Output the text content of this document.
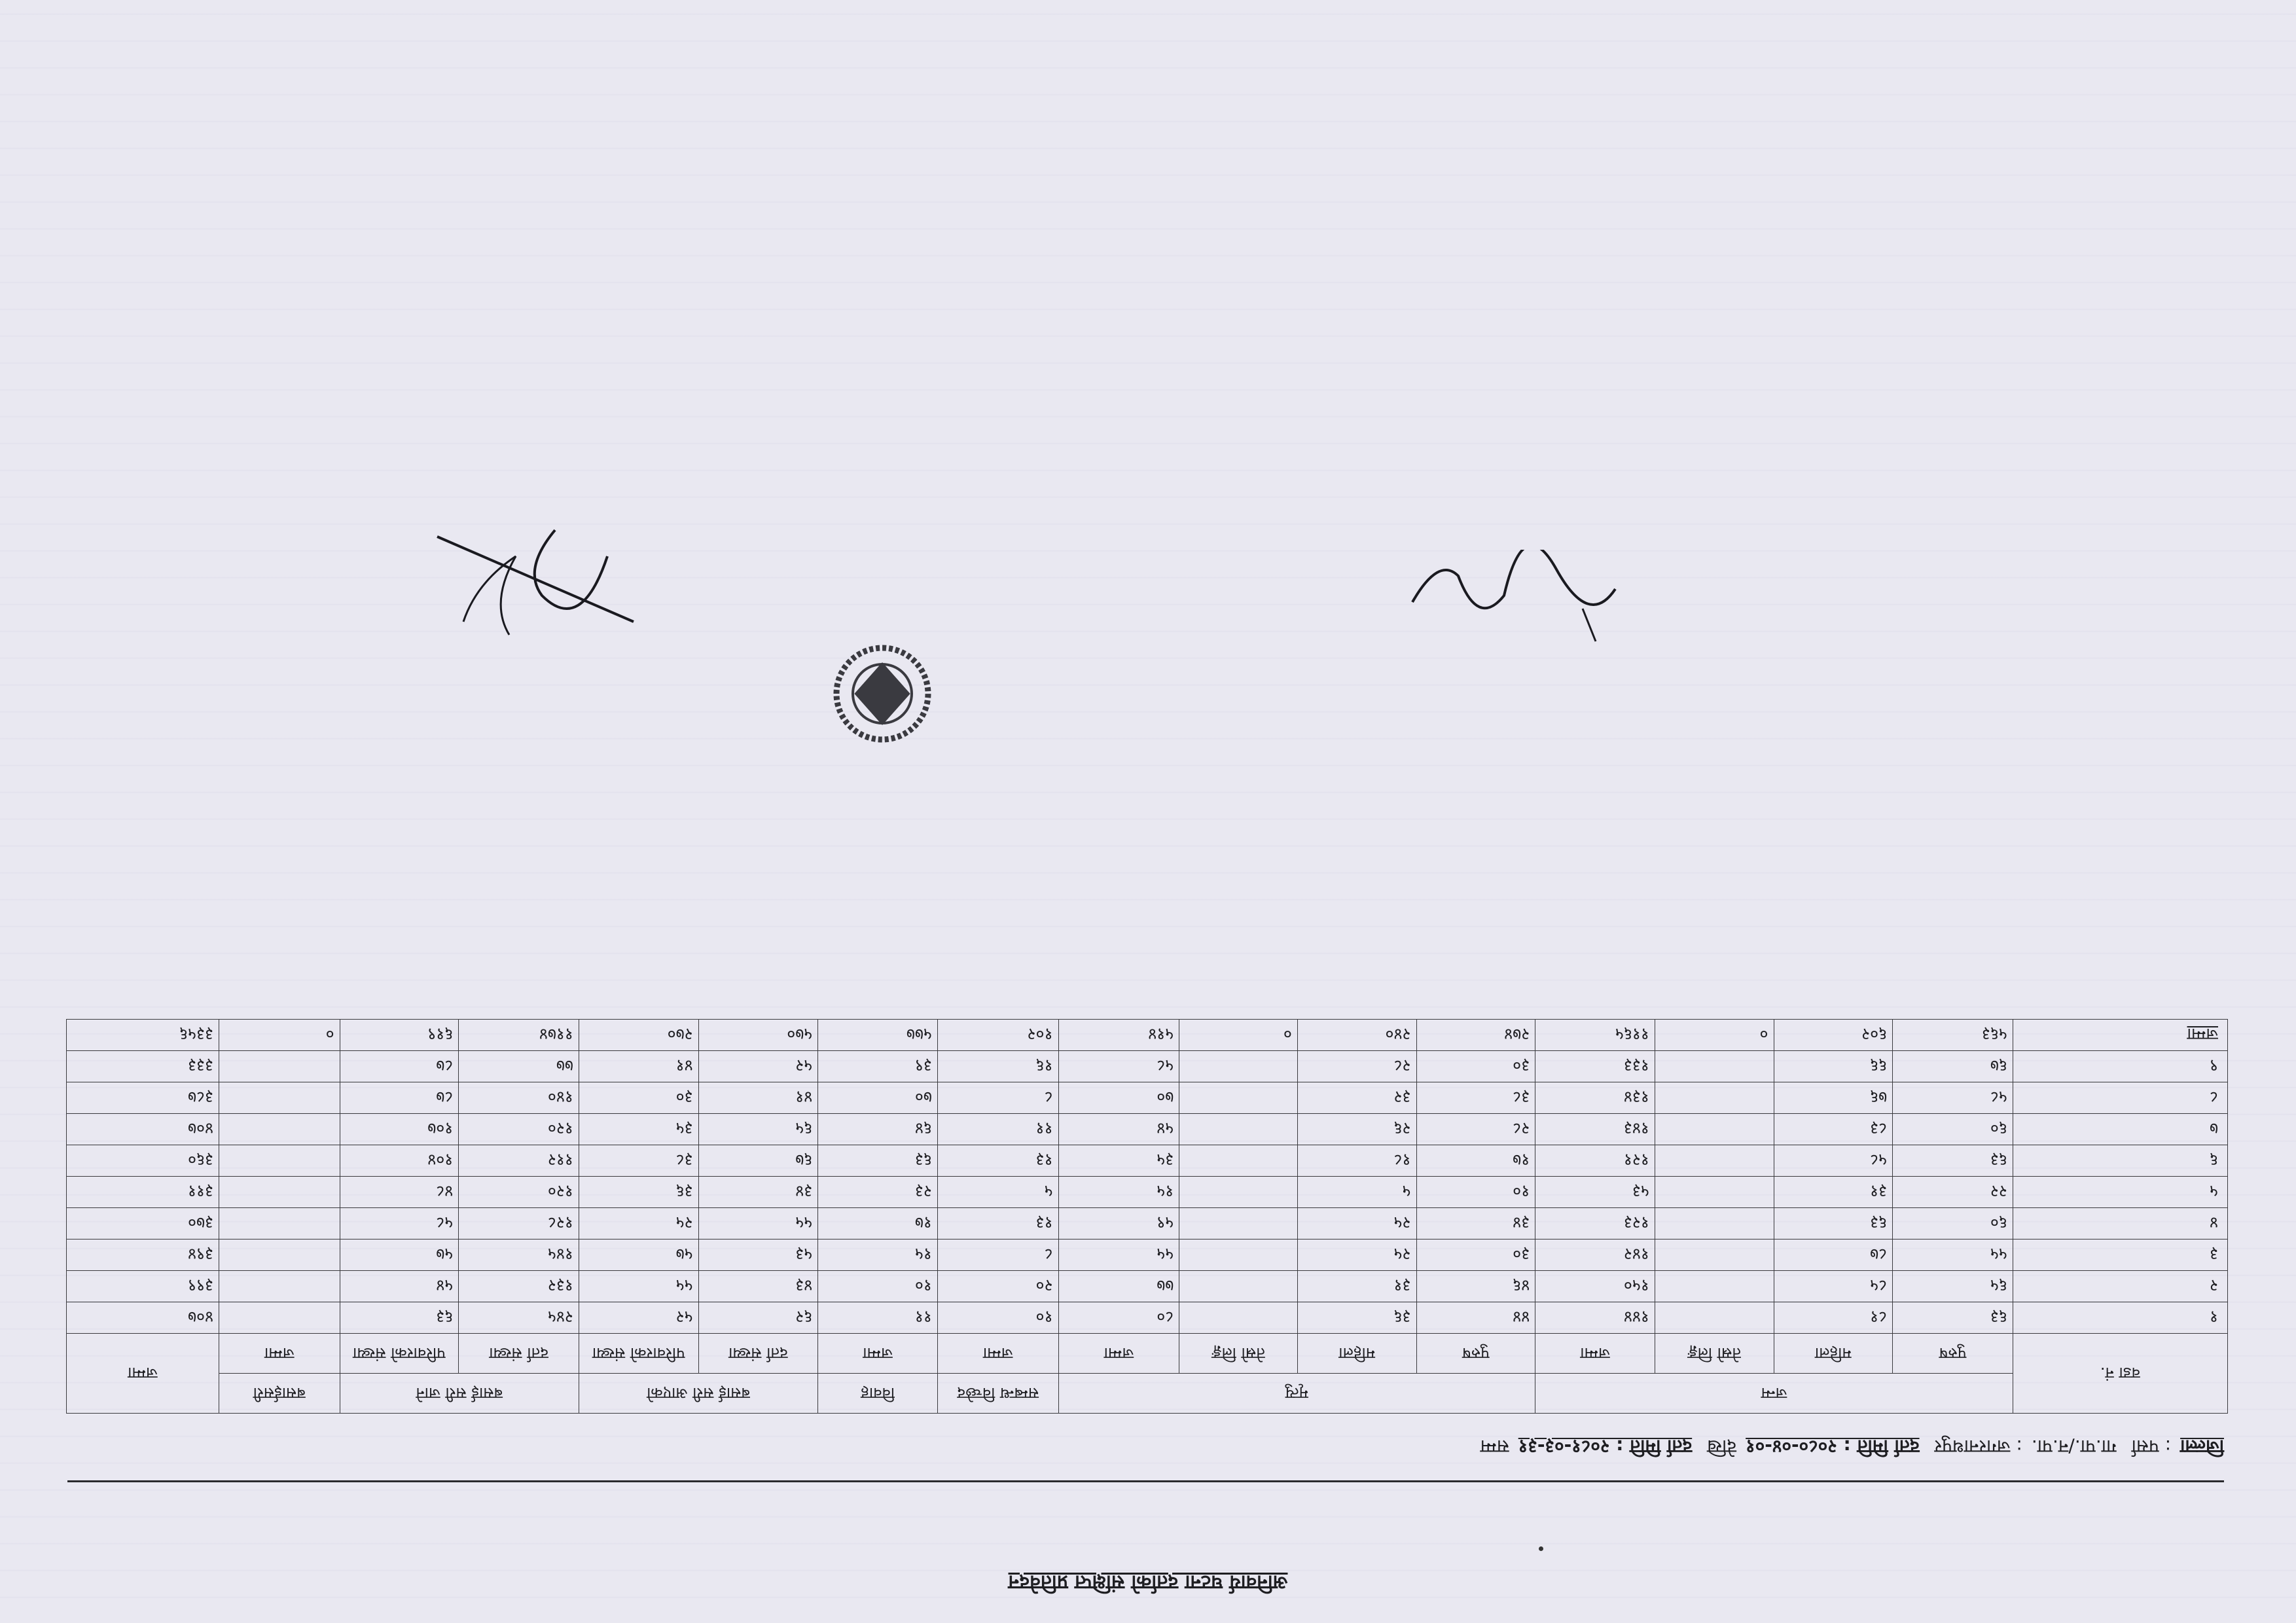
अनिवार्य घटना दर्ताको संक्षिप्त प्रतिवेदन
जिल्ला: पर्सा गा.पा./न.पा.: जगरनाथपुर दर्ता मिति : २०८०-०४-०१देखि दर्ता मिति : २०८१-०३-३१सम्म
वडा नं.	जन्म				मृत्यु				सम्बन्ध विच्छेद	विवाह	बसाई सरी आएको		बसाई सरी जाने		बसाईसरी	जम्मा
	पुरुष	महिला	तेस्रो लिङ्ग	जम्मा	पुरुष	महिला	तेस्रो लिङ्ग	जम्मा	जम्मा	जम्मा	दर्ता संख्या	परिवारको संख्या	दर्ता संख्या	परिवारको संख्या	जम्मा	
१	६३	८१		१४४	४४	३६		८०	१०	११	६२	५२	२४५	६३		४०७
२	६५	८५		१५०	४६	३१		७७	२०	१०	४३	५५	१३२	५४		३९९
३	५५	८७		१४२	३०	२५		५५	८	१५	५३	५७	१४५	५७		३९४
४	६०	६३		१२३	३४	२५		५९	१३	१७	५५	२५	१२८	५८		३७०
५	२२	३१		५३	१०	५		१५	५	२३	३४	३६	१२०	४८		३११
६	६३	५८		१२१	१७	१८		३५	१३	६३	६७	३८	११२	१०४		३६०
७	६०	८३		१४३	२८	२६		५४	११	६४	६५	३५	१२०	१०७		४०७
८	५८	७६		१३४	३८	३२		७०	८	७०	४१	३०	१४०	८७		३८७
९	६७	६६		१३३	३०	२८		५८	१६	३९	५२	४१	७७	८७		३३३
जम्मा	५६३	६०२	०	११६५	२७४	२४०	०	५१४	१०२	५७७	५७०	२७०	११७४	६१९	०	३३५६
